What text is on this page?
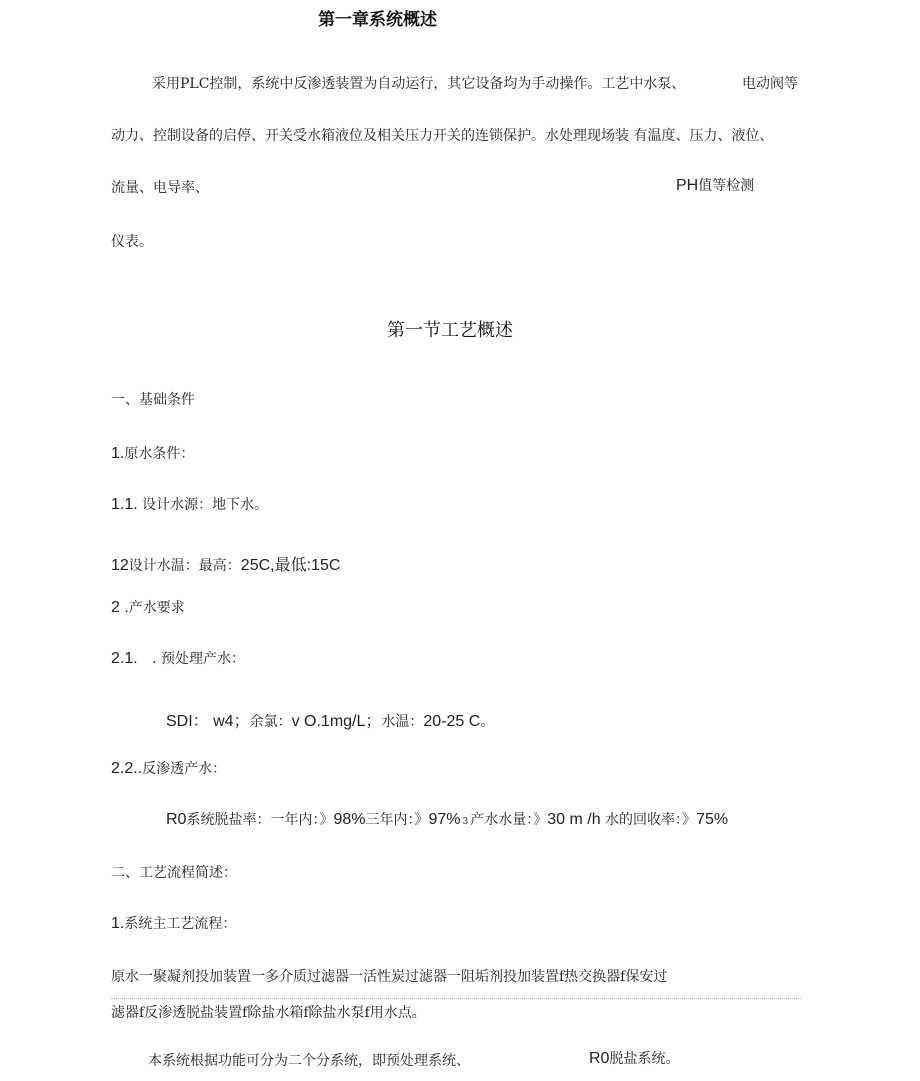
第一章系统概述
采用PLC控制，系统中反渗透装置为自动运行，其它设备均为手动操作。工艺中水泵、	电动阀等
动力、控制设备的启停、开关受水箱液位及相关压力开关的连锁保护。水处理现场装 有温度、压力、液位、
流量、电导率、	PH值等检测
仪表。
第一节工艺概述
一、基础条件
1.原水条件：
1.1. 设计水源：地下水。
12设计水温：最高：25C,最低:15C
2 .产水要求
2.1. . 预处理产水：
SDI： w4；余氯：v O.1mg/L；水温：20-25 C。
2.2..反渗透产水：
R0系统脱盐率：一年内：》98%三年内：》97% 3 产水水量：》30 m /h 水的回收率：》75%
二、工艺流程简述：
1.系统主工艺流程：
原水一聚凝剂投加装置一多介质过滤器一活性炭过滤器一阻垢剂投加装置f热交换器f保安过
滤器f反渗透脱盐装置f除盐水箱f除盐水泵f用水点。
本系统根据功能可分为二个分系统，即预处理系统、	R0脱盐系统。
